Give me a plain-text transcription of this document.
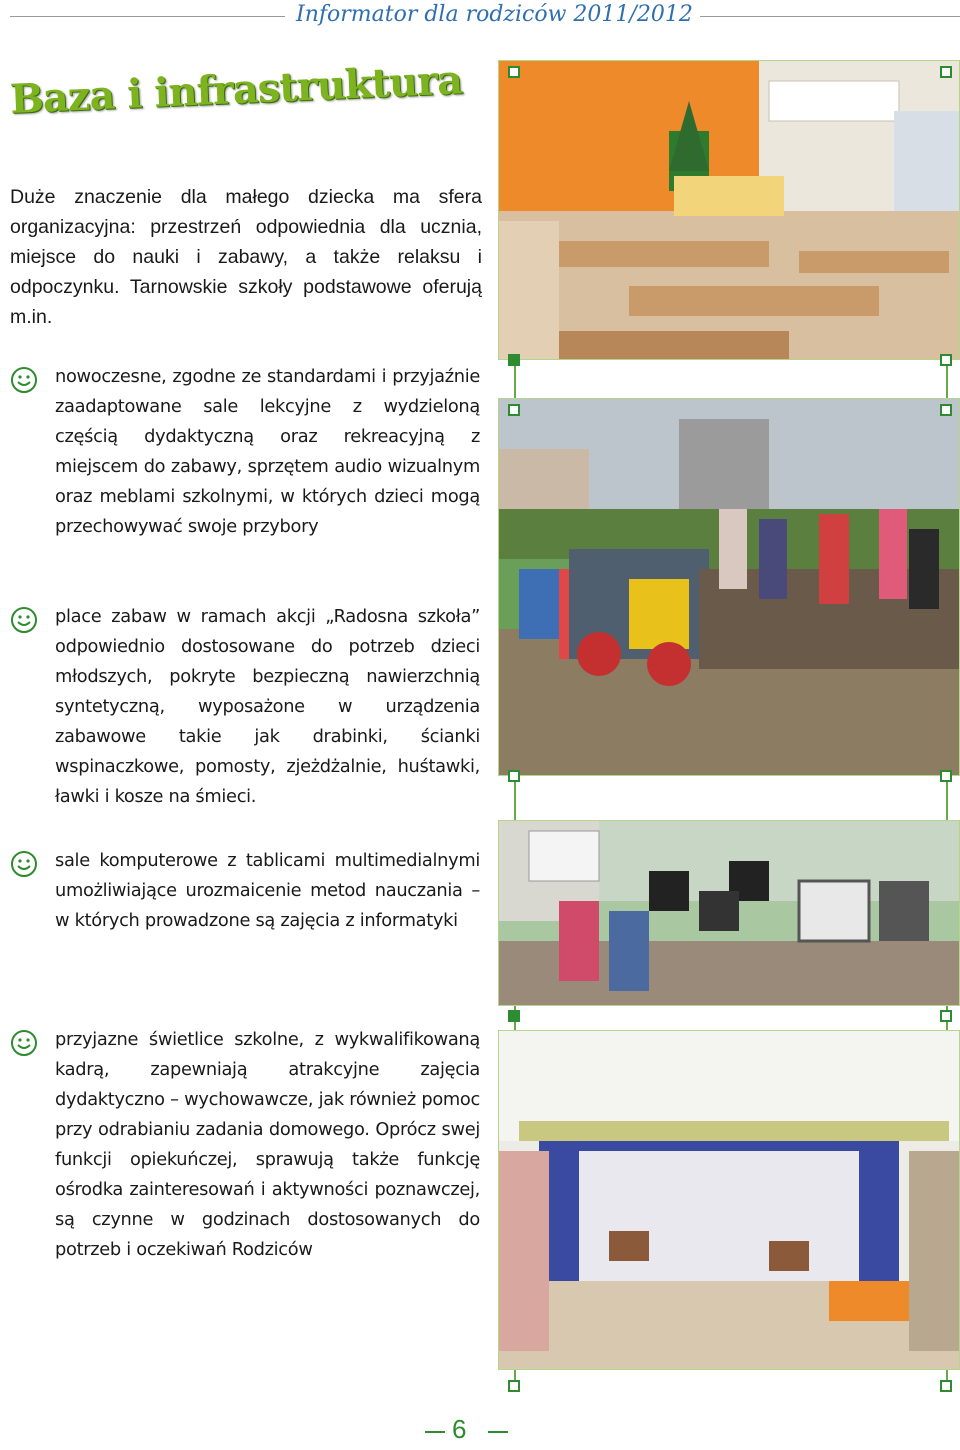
Informator dla rodziców 2011/2012
Baza i infrastruktura

Duże znaczenie dla małego dziecka ma sfera organizacyjna: przestrzeń odpowiednia dla ucznia, miejsce do nauki i zabawy, a także relaksu i odpoczynku. Tarnowskie szkoły podstawowe oferują m.in.

nowoczesne, zgodne ze standardami i przyjaźnie zaadaptowane sale lekcyjne z wydzieloną częścią dydaktyczną oraz rekreacyjną z miejscem do zabawy, sprzętem audio wizualnym oraz meblami szkolnymi, w których dzieci mogą przechowywać swoje przybory

place zabaw w ramach akcji „Radosna szkoła” odpowiednio dostosowane do potrzeb dzieci młodszych, pokryte bezpieczną nawierzchnią syntetyczną, wyposażone w urządzenia zabawowe takie jak drabinki, ścianki wspinaczkowe, pomosty, zjeżdżalnie, huśtawki, ławki i kosze na śmieci.

sale komputerowe z tablicami multimedialnymi umożliwiające urozmaicenie metod nauczania – w których prowadzone są zajęcia z informatyki

przyjazne świetlice szkolne, z wykwalifikowaną kadrą, zapewniają atrakcyjne zajęcia dydaktyczno – wychowawcze, jak również pomoc przy odrabianiu zadania domowego. Oprócz swej funkcji opiekuńczej, sprawują także funkcję ośrodka zainteresowań i aktywności poznawczej, są czynne w godzinach dostosowanych do potrzeb i oczekiwań Rodziców

6
